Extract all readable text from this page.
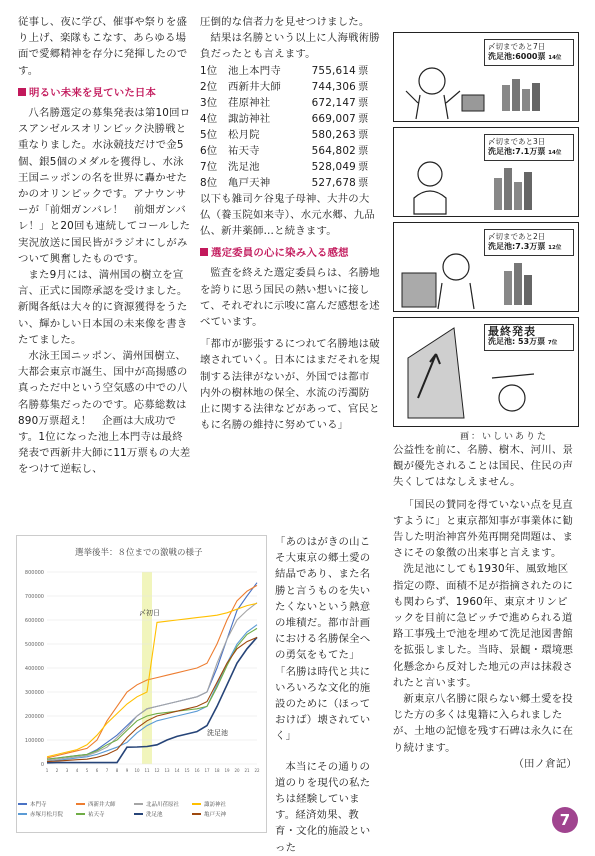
従事し、夜に学び、催事や祭りを盛り上げ、楽隊もこなす、あらゆる場面で愛郷精神を存分に発揮したのです。

明るい未来を見ていた日本

八名勝選定の募集発表は第10回ロスアンゼルスオリンピック決勝戦と重なりました。水泳競技だけで金5個、銀5個のメダルを獲得し、水泳王国ニッポンの名を世界に轟かせたかのオリンピックです。アナウンサーが「前畑ガンバレ！　前畑ガンバレ！」と20回も連続してコールした実況放送に国民皆がラジオにしがみついて興奮したものです。

また9月には、満州国の樹立を宣言、正式に国際承認を受けました。新聞各紙は大々的に資源獲得をうたい、輝かしい日本国の未来像を書きたてました。

水泳王国ニッポン、満州国樹立、大都会東京市誕生、国中が高揚感の真っただ中という空気感の中での八名勝募集だったのです。応募総数は890万票超え！　企画は大成功です。1位になった池上本門寺は最終発表で西新井大師に11万票もの大差をつけて逆転し、

圧倒的な信者力を見せつけました。

結果は名勝という以上に人海戦術勝負だったとも言えます。

1位	池上本門寺	755,614 票
2位	西新井大師	744,306 票
3位	荏原神社	672,147 票
4位	諏訪神社	669,007 票
5位	松月院	580,263 票
6位	祐天寺	564,802 票
7位	洗足池	528,049 票
8位	亀戸天神	527,678 票

以下も雑司ケ谷鬼子母神、大井の大仏（養玉院如来寺）、水元水郷、九品仏、新井薬師…と続きます。

選定委員の心に染み入る感想

監査を終えた選定委員らは、名勝地を誇りに思う国民の熱い想いに接して、それぞれに示唆に富んだ感想を述べています。

「都市が膨張するにつれて名勝地は破壊されていく。日本にはまだそれを規制する法律がないが、外国では都市内外の樹林地の保全、水流の汚濁防止に関する法律などがあって、官民ともに名勝の維持に努めている」

「あのはがきの山こそ大東京の郷土愛の結晶であり、また名勝と言うものを失いたくないという熱意の堆積だ。都市計画における名勝保全への勇気をもてた」

「名勝は時代と共にいろいろな文化的施設のために（ほっておけば）壊されていく」

本当にその通りの道のりを現代の私たちは経験しています。経済効果、教育・文化的施設といった

〆切まであと7日
洗足池:6000票 14位
〆切まであと3日
洗足池:7.1万票 14位
〆切まであと2日
洗足池:7.3万票 12位
最終発表
洗足池: 53万票 7位
画：いしいありた

公益性を前に、名勝、樹木、河川、景観が優先されることは国民、住民の声失くしてはなしえません。

「国民の賛同を得ていない点を見直すように」と東京都知事が事業体に勧告した明治神宮外苑再開発問題は、まさにその象徴の出来事と言えます。

洗足池にしても1930年、風致地区指定の際、面積不足が指摘されたのにも関わらず、1960年、東京オリンピックを目前に急ピッチで進められる道路工事残土で池を埋めて洗足池図書館を拡張しました。当時、景観・環境悪化懸念から反対した地元の声は抹殺されたと言います。

新東京八名勝に限らない郷土愛を投じた方の多くは鬼籍に入られましたが、土地の記憶を残す石碑は永久に在り続けます。

（田ノ倉記）

選挙後半：８位までの激戦の様子
0
100000
200000
300000
400000
500000
600000
700000
800000
1 2 3 4 5 6 7 8 9 10 11 12 13 14 15 16 17 18 19 20 21 22
〆初日
洗足池
本門寺	西新井大師	北品川荏原社	諏訪神社
赤塚月松月院	祐天寺	洗足池	亀戸天神	7
